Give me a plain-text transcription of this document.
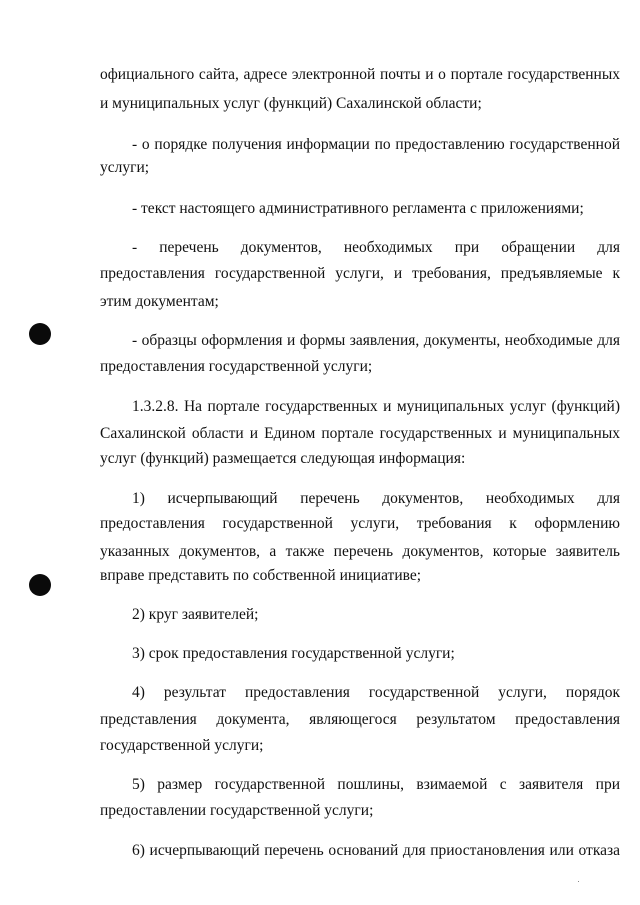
официального сайта, адресе электронной почты и о портале государственных
и муниципальных услуг (функций) Сахалинской области;
- о порядке получения информации по предоставлению государственной
услуги;
- текст настоящего административного регламента с приложениями;
- перечень документов, необходимых при обращении для
предоставления государственной услуги, и требования, предъявляемые к
этим документам;
- образцы оформления и формы заявления, документы, необходимые для
предоставления государственной услуги;
1.3.2.8. На портале государственных и муниципальных услуг (функций)
Сахалинской области и Едином портале государственных и муниципальных
услуг (функций) размещается следующая информация:
1) исчерпывающий перечень документов, необходимых для
предоставления государственной услуги, требования к оформлению
указанных документов, а также перечень документов, которые заявитель
вправе представить по собственной инициативе;
2) круг заявителей;
3) срок предоставления государственной услуги;
4) результат предоставления государственной услуги, порядок
представления документа, являющегося результатом предоставления
государственной услуги;
5) размер государственной пошлины, взимаемой с заявителя при
предоставлении государственной услуги;
6) исчерпывающий перечень оснований для приостановления или отказа
